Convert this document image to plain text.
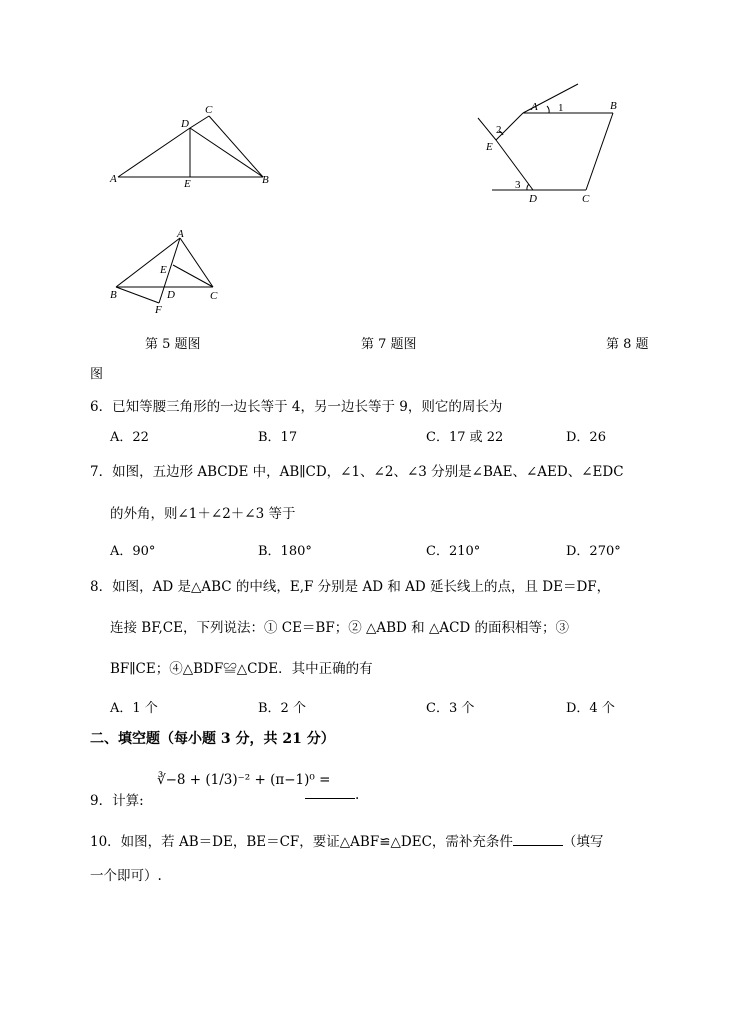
A	B
C
D
E
A	B
C
D
E
1
2
3
A
B	C
D
E
F
第 5 题图	第 7 题图	第 8 题
图
6．已知等腰三角形的一边长等于 4，另一边长等于 9，则它的周长为
A．22	B．17	C．17 或 22	D．26
7．如图，五边形 ABCDE 中，AB∥CD，∠1、∠2、∠3 分别是∠BAE、∠AED、∠EDC
的外角，则∠1＋∠2＋∠3 等于
A．90°	B．180°	C．210°	D．270°
8．如图，AD 是△ABC 的中线，E,F 分别是 AD 和 AD 延长线上的点，且 DE＝DF，
连接 BF,CE，下列说法：① CE＝BF；② △ABD 和 △ACD 的面积相等；③
BF∥CE；④△BDF≌△CDE．其中正确的有
A．1 个	B．2 个	C．3 个	D．4 个
二、填空题（每小题 3 分，共 21 分）
∛−8 + (1/3)⁻² + (π−1)⁰ =
9．计算:	.
10．如图，若 AB＝DE，BE＝CF，要证△ABF≌△DEC，需补充条件	（填写
一个即可）.
